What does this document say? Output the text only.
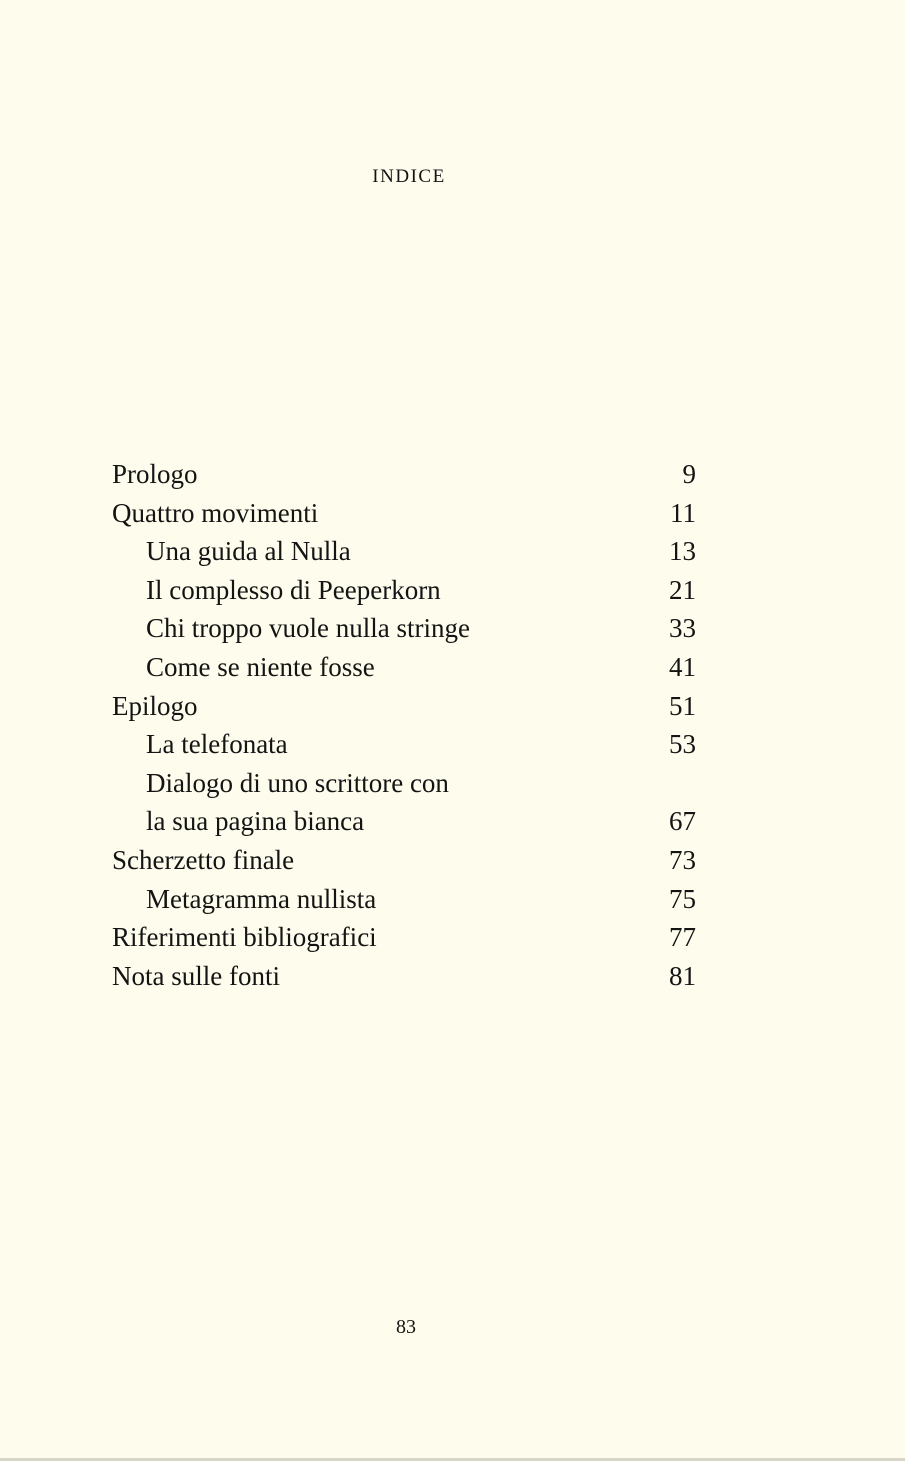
INDICE
Prologo	9
Quattro movimenti	11
Una guida al Nulla	13
Il complesso di Peeperkorn	21
Chi troppo vuole nulla stringe	33
Come se niente fosse	41
Epilogo	51
La telefonata	53
Dialogo di uno scrittore con
la sua pagina bianca	67
Scherzetto finale	73
Metagramma nullista	75
Riferimenti bibliografici	77
Nota sulle fonti	81
83
